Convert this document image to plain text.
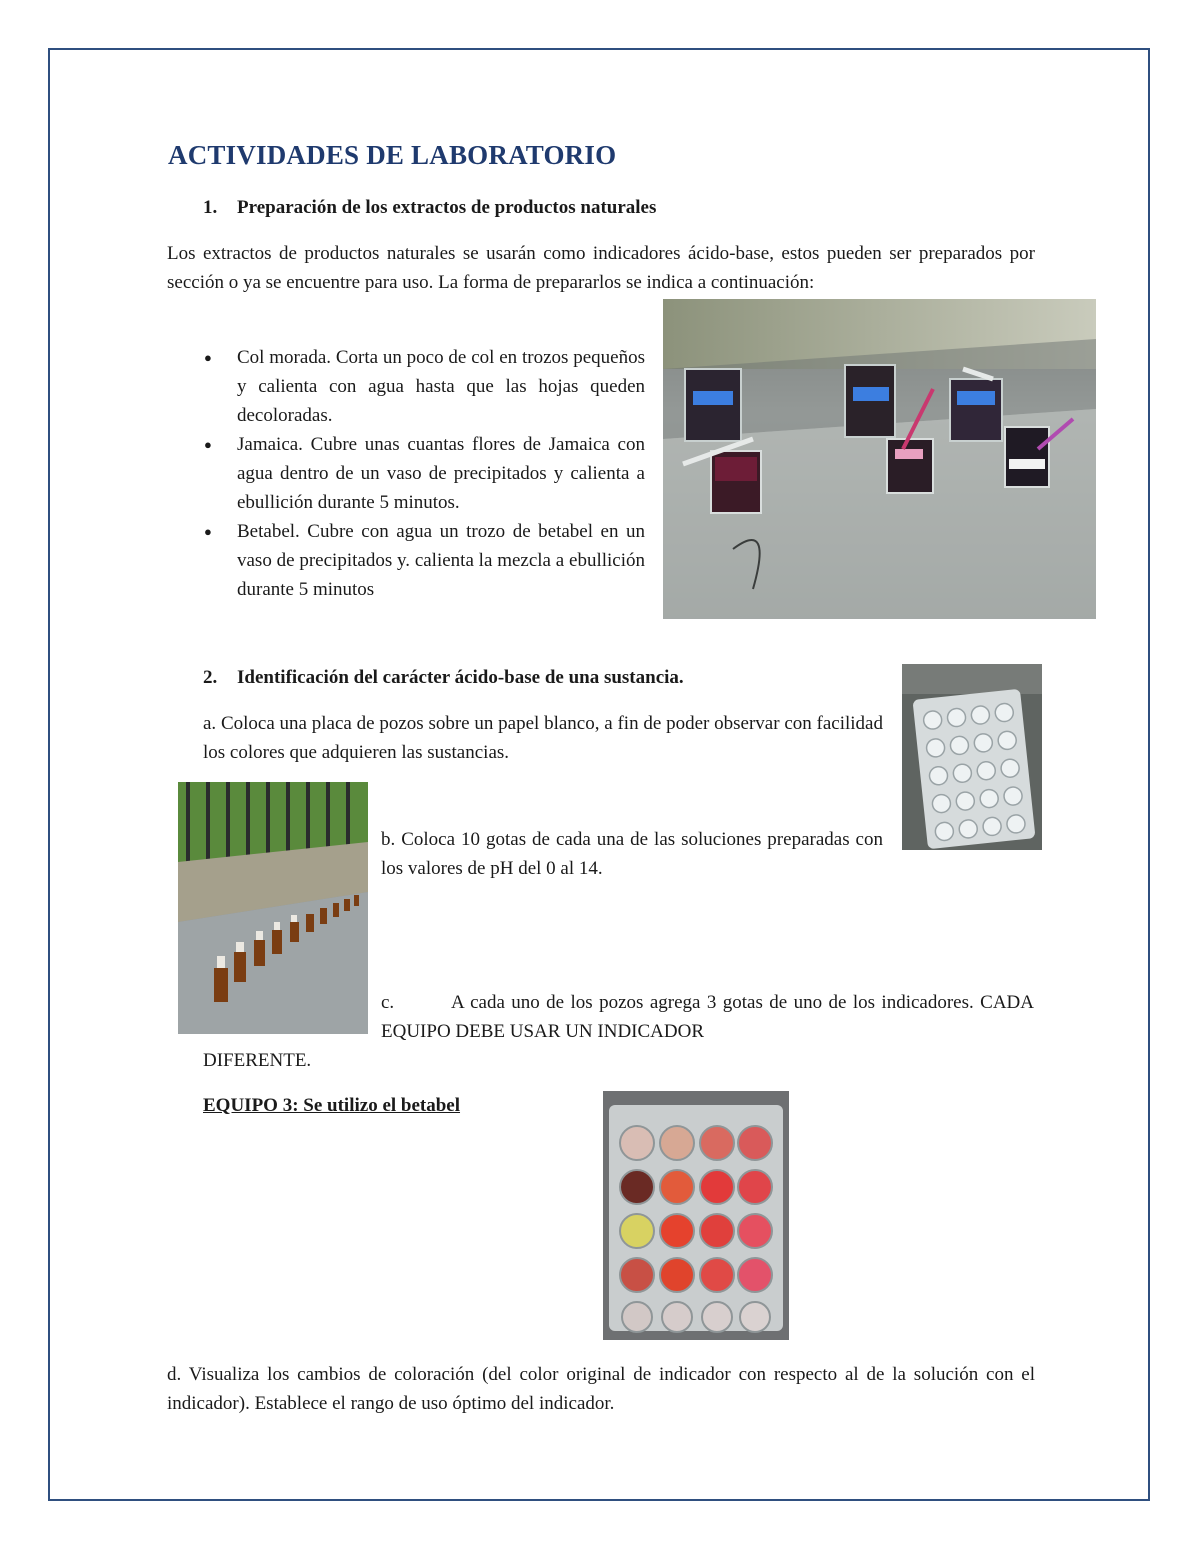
ACTIVIDADES DE LABORATORIO

1. Preparación de los extractos de productos naturales

Los extractos de productos naturales se usarán como indicadores ácido-base, estos pueden ser preparados por sección o ya se encuentre para uso. La forma de prepararlos se indica a continuación:

● Col morada. Corta un poco de col en trozos pequeños y calienta con agua hasta que las hojas queden decoloradas.
● Jamaica. Cubre unas cuantas flores de Jamaica con agua dentro de un vaso de precipitados y calienta a ebullición durante 5 minutos.
● Betabel. Cubre con agua un trozo de betabel en un vaso de precipitados y. calienta la mezcla a ebullición durante 5 minutos

2. Identificación del carácter ácido-base de una sustancia.

a. Coloca una placa de pozos sobre un papel blanco, a fin de poder observar con facilidad los colores que adquieren las sustancias.

b. Coloca 10 gotas de cada una de las soluciones preparadas con los valores de pH del 0 al 14.

c.	A cada uno de los pozos agrega 3 gotas de uno de los indicadores. CADA EQUIPO DEBE USAR UN INDICADOR

DIFERENTE.

EQUIPO 3: Se utilizo el betabel

d. Visualiza los cambios de coloración (del color original de indicador con respecto al de la solución con el indicador). Establece el rango de uso óptimo del indicador.
